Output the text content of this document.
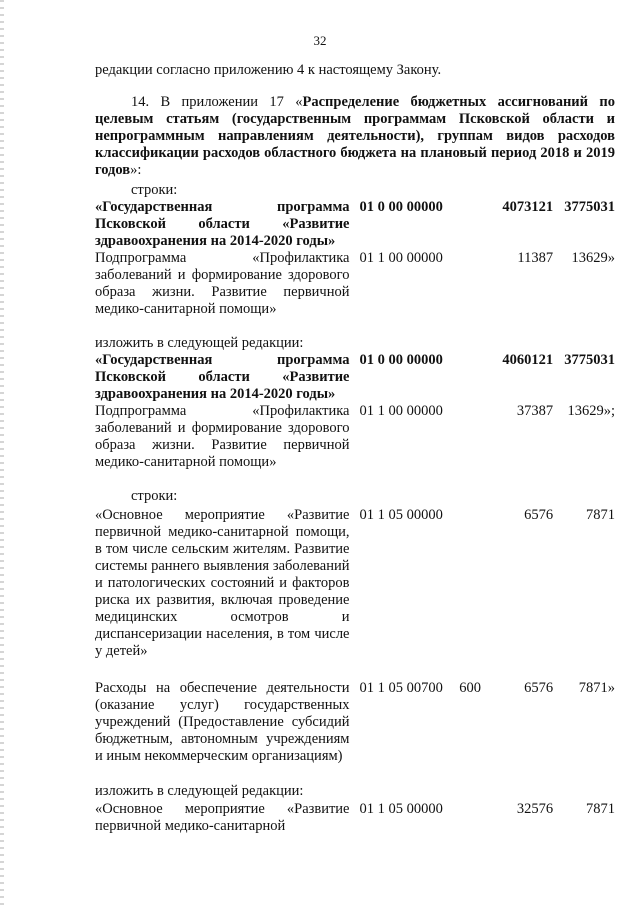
32
редакции согласно приложению 4 к настоящему Закону.
14. В приложении 17 «Распределение бюджетных ассигнований по целевым статьям (государственным программам Псковской области и непрограммным направлениям деятельности), группам видов расходов классификации расходов областного бюджета на плановый период 2018 и 2019 годов»:
строки:
«Государственная программа Псковской области «Развитие здравоохранения на 2014-2020 годы»
01 0 00 00000	4073121 3775031
Подпрограмма «Профилактика заболеваний и формирование здорового образа жизни. Развитие первичной медико-санитарной помощи»
01 1 00 00000	11387	13629»
изложить в следующей редакции:
«Государственная программа Псковской области «Развитие здравоохранения на 2014-2020 годы»
01 0 00 00000	4060121 3775031
Подпрограмма «Профилактика заболеваний и формирование здорового образа жизни. Развитие первичной медико-санитарной помощи»
01 1 00 00000	37387 13629»;
строки:
«Основное мероприятие «Развитие первичной медико-санитарной помощи, в том числе сельским жителям. Развитие системы раннего выявления заболеваний и патологических состояний и факторов риска их развития, включая проведение медицинских осмотров и диспансеризации населения, в том числе у детей»
01 1 05 00000	6576	7871
Расходы на обеспечение деятельности (оказание услуг) государственных учреждений (Предоставление субсидий бюджетным, автономным учреждениям и иным некоммерческим организациям)
01 1 05 00700	600	6576	7871»
изложить в следующей редакции:
«Основное мероприятие «Развитие первичной медико-санитарной
01 1 05 00000	32576	7871
